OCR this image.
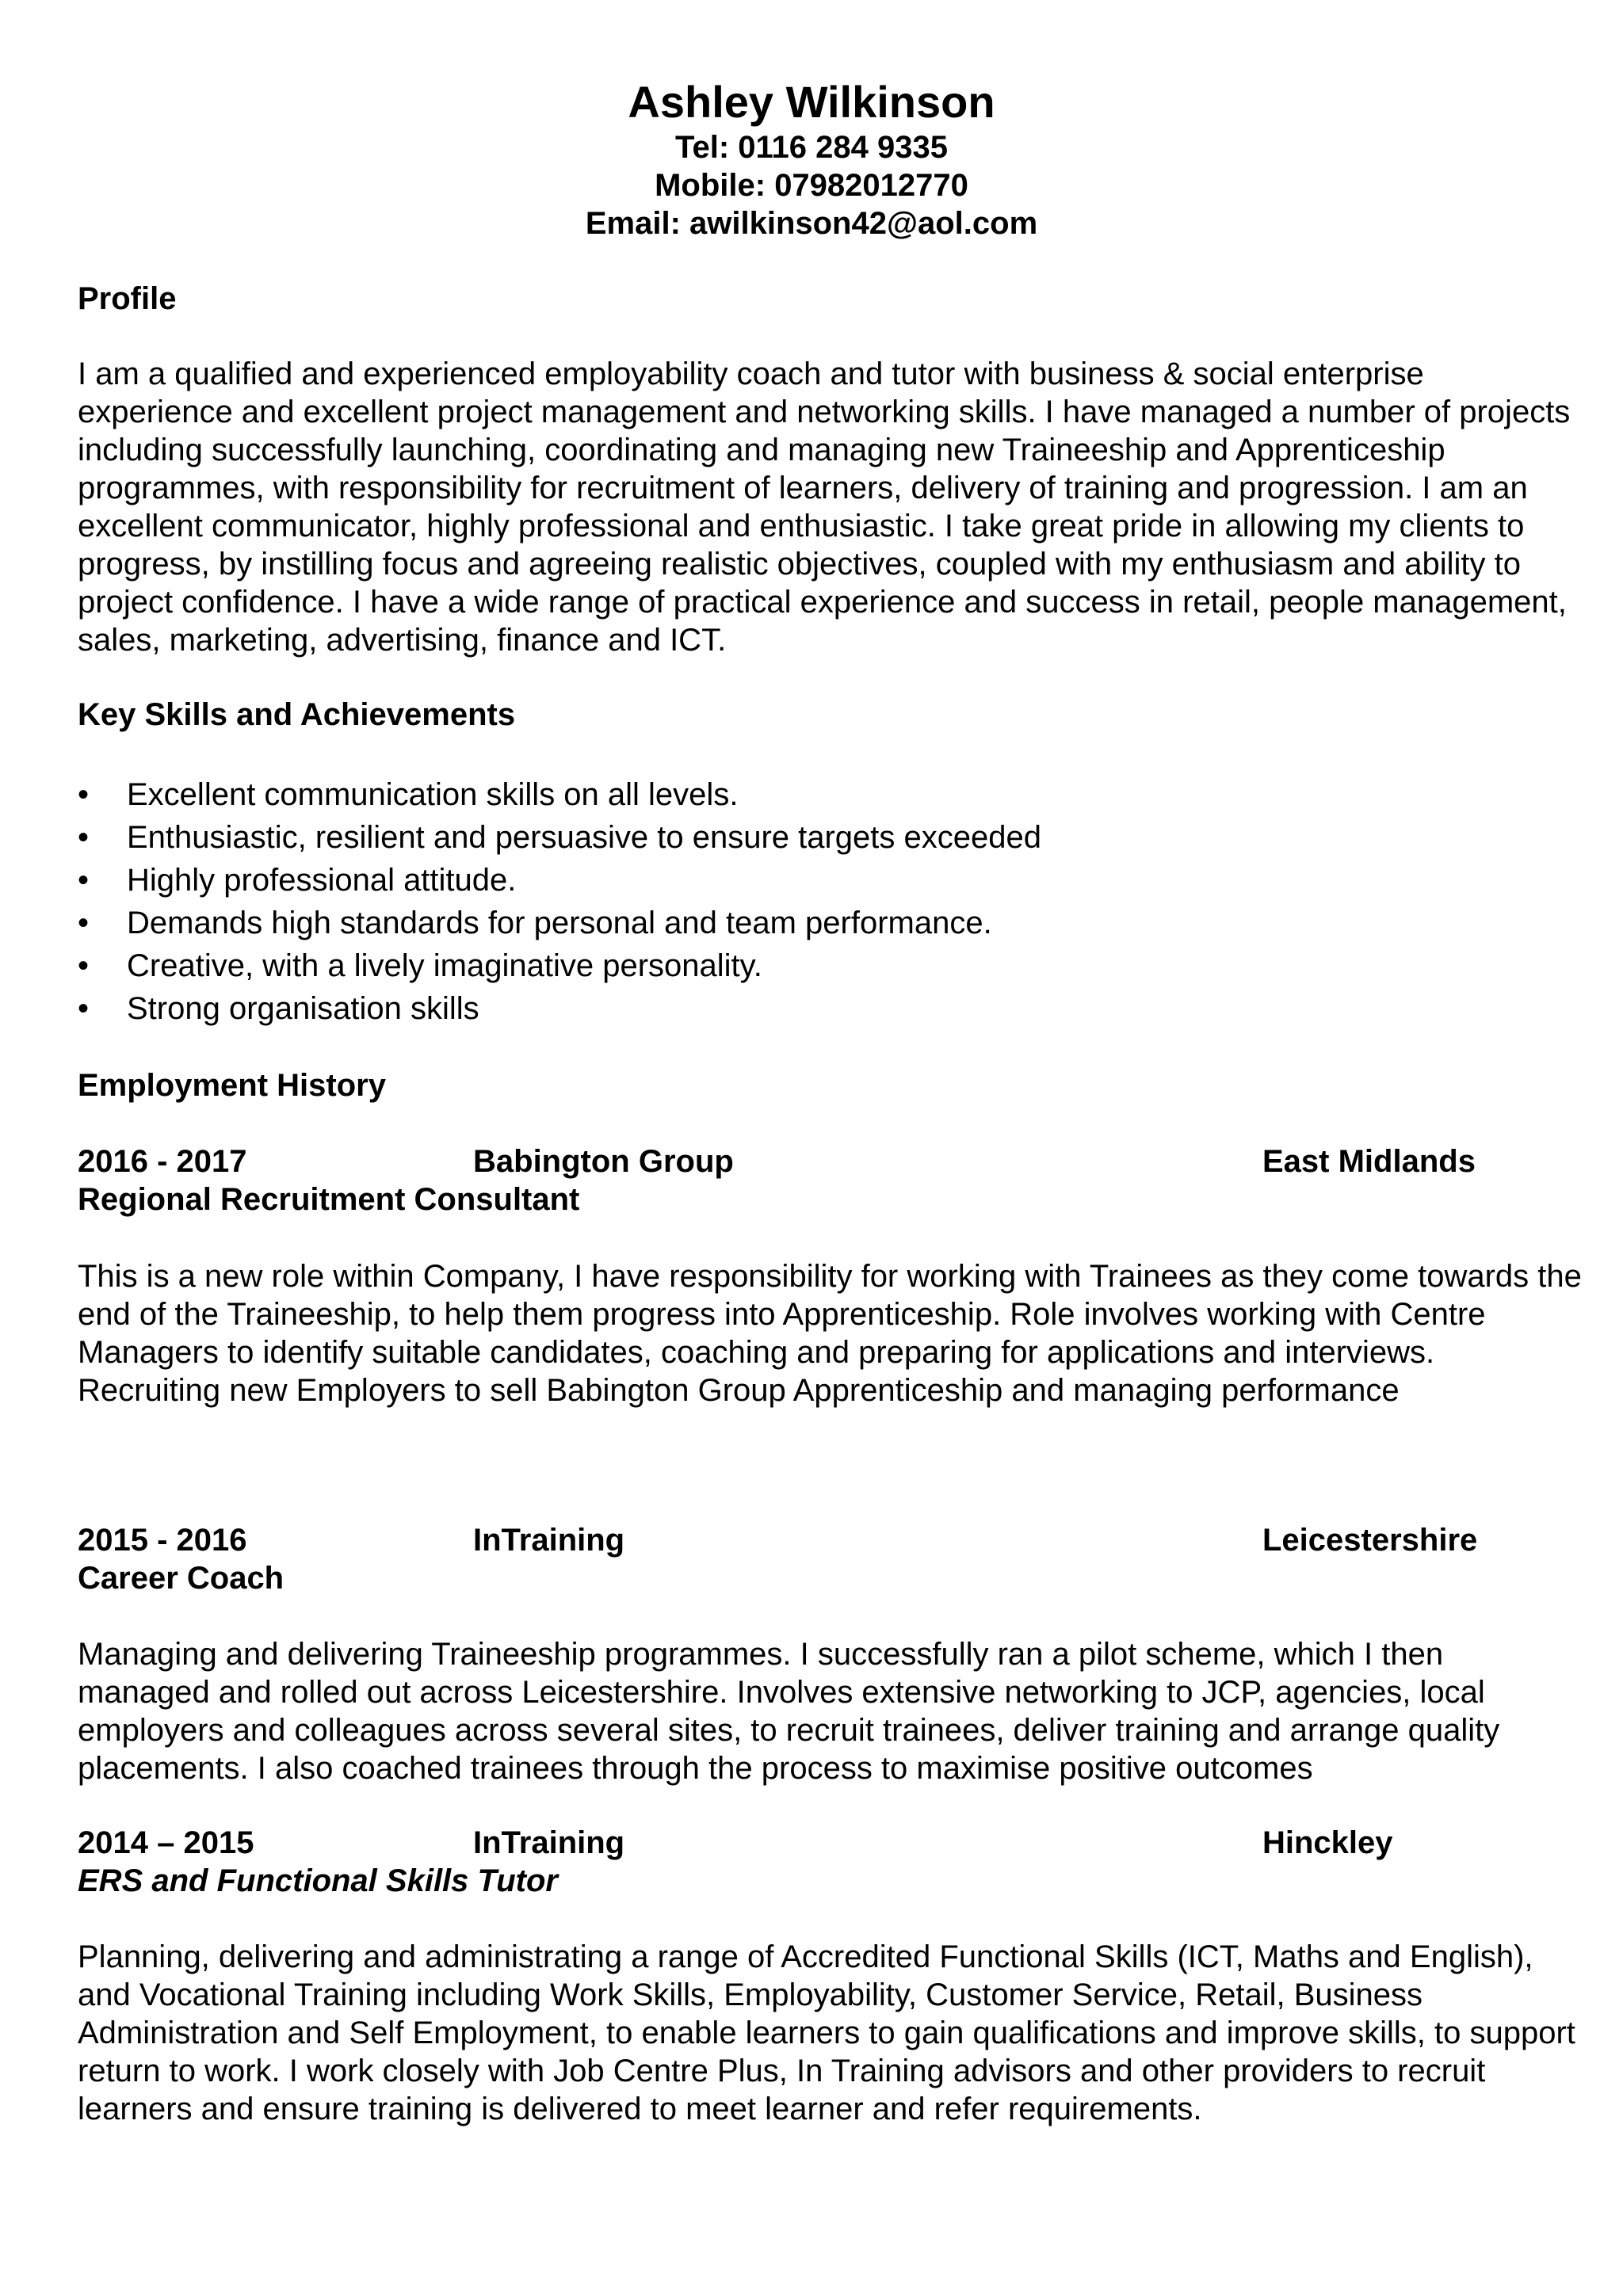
Ashley Wilkinson
Tel: 0116 284 9335
Mobile: 07982012770
Email: awilkinson42@aol.com
Profile
I am a qualified and experienced employability coach and tutor with business & social enterprise experience and excellent project management and networking skills. I have managed a number of projects including successfully launching, coordinating and managing new Traineeship and Apprenticeship programmes, with responsibility for recruitment of learners, delivery of training and progression. I am an excellent communicator, highly professional and enthusiastic. I take great pride in allowing my clients to progress, by instilling focus and agreeing realistic objectives, coupled with my enthusiasm and ability to project confidence. I have a wide range of practical experience and success in retail, people management, sales, marketing, advertising, finance and ICT.
Key Skills and Achievements
• Excellent communication skills on all levels.
• Enthusiastic, resilient and persuasive to ensure targets exceeded
• Highly professional attitude.
• Demands high standards for personal and team performance.
• Creative, with a lively imaginative personality.
• Strong organisation skills
Employment History
2016 - 2017	Babington Group	East Midlands
Regional Recruitment Consultant
This is a new role within Company, I have responsibility for working with Trainees as they come towards the end of the Traineeship, to help them progress into Apprenticeship. Role involves working with Centre Managers to identify suitable candidates, coaching and preparing for applications and interviews. Recruiting new Employers to sell Babington Group Apprenticeship and managing performance
2015 - 2016	InTraining	Leicestershire
Career Coach
Managing and delivering Traineeship programmes. I successfully ran a pilot scheme, which I then managed and rolled out across Leicestershire. Involves extensive networking to JCP, agencies, local employers and colleagues across several sites, to recruit trainees, deliver training and arrange quality placements. I also coached trainees through the process to maximise positive outcomes
2014 – 2015	InTraining	Hinckley
ERS and Functional Skills Tutor
Planning, delivering and administrating a range of Accredited Functional Skills (ICT, Maths and English), and Vocational Training including Work Skills, Employability, Customer Service, Retail, Business Administration and Self Employment, to enable learners to gain qualifications and improve skills, to support return to work. I work closely with Job Centre Plus, In Training advisors and other providers to recruit learners and ensure training is delivered to meet learner and refer requirements.
